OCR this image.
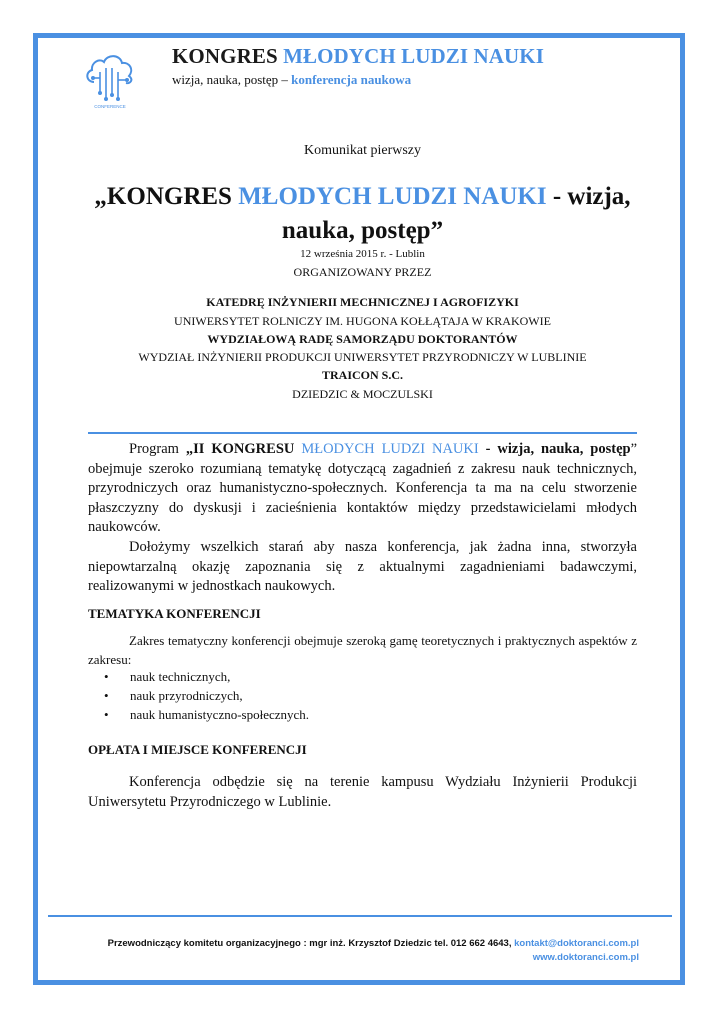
CONFERENCE
KONGRES MŁODYCH LUDZI NAUKI
wizja, nauka, postęp – konferencja naukowa
Komunikat pierwszy
„KONGRES MŁODYCH LUDZI NAUKI - wizja,
nauka, postęp”
12 września 2015 r. - Lublin
ORGANIZOWANY PRZEZ
KATEDRĘ INŻYNIERII MECHNICZNEJ I AGROFIZYKI
UNIWERSYTET ROLNICZY IM. HUGONA KOŁŁĄTAJA W KRAKOWIE
WYDZIAŁOWĄ RADĘ SAMORZĄDU DOKTORANTÓW
WYDZIAŁ INŻYNIERII PRODUKCJI UNIWERSYTET PRZYRODNICZY W LUBLINIE
TRAICON S.C.
DZIEDZIC & MOCZULSKI
Program „II KONGRESU MŁODYCH LUDZI NAUKI - wizja, nauka, postęp” obejmuje szeroko rozumianą tematykę dotyczącą zagadnień z zakresu nauk technicznych, przyrodniczych oraz humanistyczno-społecznych. Konferencja ta ma na celu stworzenie płaszczyzny do dyskusji i zacieśnienia kontaktów między przedstawicielami młodych naukowców.
Dołożymy wszelkich starań aby nasza konferencja, jak żadna inna, stworzyła niepowtarzalną okazję zapoznania się z aktualnymi zagadnieniami badawczymi, realizowanymi w jednostkach naukowych.
TEMATYKA KONFERENCJI
Zakres tematyczny konferencji obejmuje szeroką gamę teoretycznych i praktycznych aspektów z zakresu:
• nauk technicznych,
• nauk przyrodniczych,
• nauk humanistyczno-społecznych.
OPŁATA I MIEJSCE KONFERENCJI
Konferencja odbędzie się na terenie kampusu Wydziału Inżynierii Produkcji Uniwersytetu Przyrodniczego w Lublinie.
Przewodniczący komitetu organizacyjnego : mgr inż. Krzysztof Dziedzic tel. 012 662 4643, kontakt@doktoranci.com.pl
www.doktoranci.com.pl
